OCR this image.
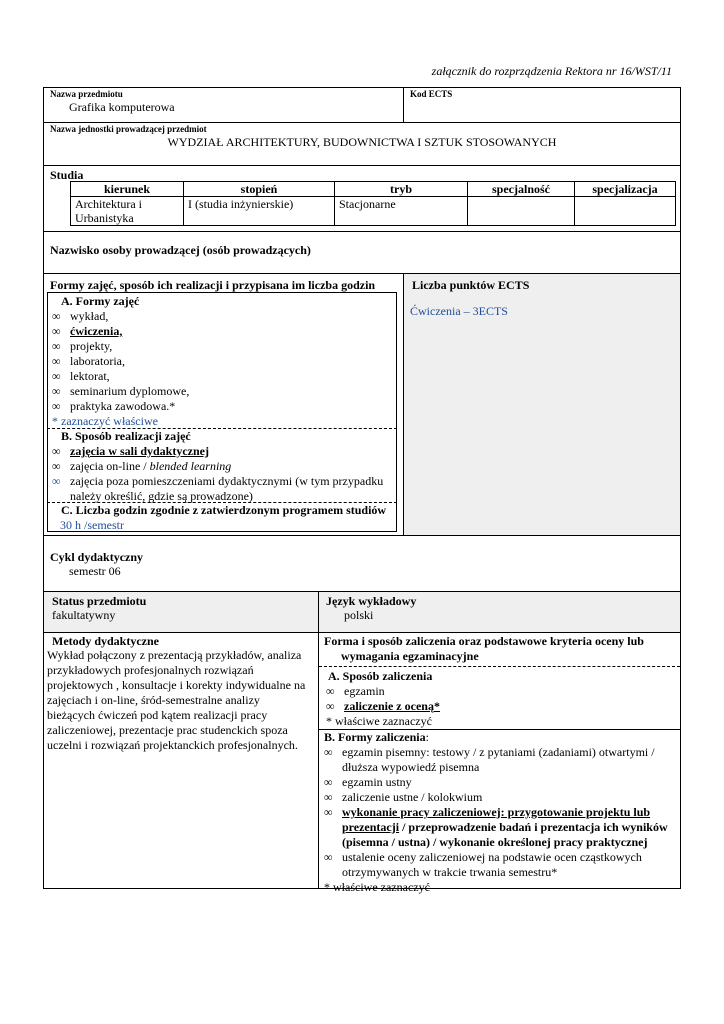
załącznik do rozprządzenia Rektora nr 16/WST/11
Nazwa przedmiotu
Grafika komputerowa
Kod ECTS
Nazwa jednostki prowadzącej przedmiot
WYDZIAŁ ARCHITEKTURY, BUDOWNICTWA I SZTUK STOSOWANYCH
Studia
kierunek	stopień	tryb	specjalność	specjalizacja
Architektura i Urbanistyka	I (studia inżynierskie)	Stacjonarne		
Nazwisko osoby prowadzącej (osób prowadzących)
Formy zajęć, sposób ich realizacji i przypisana im liczba godzin	Liczba punktów ECTS
Ćwiczenia – 3ECTS
A. Formy zajęć
∞ wykład,
∞ ćwiczenia,
∞ projekty,
∞ laboratoria,
∞ lektorat,
∞ seminarium dyplomowe,
∞ praktyka zawodowa.*
* zaznaczyć właściwe
B. Sposób realizacji zajęć
∞ zajęcia w sali dydaktycznej
∞ zajęcia on-line / blended learning
∞ zajęcia poza pomieszczeniami dydaktycznymi (w tym przypadku
należy określić, gdzie są prowadzone)
C. Liczba godzin zgodnie z zatwierdzonym programem studiów
30 h /semestr
Cykl dydaktyczny
semestr 06
Status przedmiotu
fakultatywny
Język wykładowy
polski
Metody dydaktyczne
Wykład połączony z prezentacją przykładów, analiza
przykładowych profesjonalnych rozwiązań
projektowych , konsultacje i korekty indywidualne na
zajęciach i on-line, śród-semestralne analizy
bieżących ćwiczeń pod kątem realizacji pracy
zaliczeniowej, prezentacje prac studenckich spoza
uczelni i rozwiązań projektanckich profesjonalnych.
Forma i sposób zaliczenia oraz podstawowe kryteria oceny lub
wymagania egzaminacyjne
A. Sposób zaliczenia
∞ egzamin
∞ zaliczenie z oceną*
* właściwe zaznaczyć
B. Formy zaliczenia:
∞ egzamin pisemny: testowy / z pytaniami (zadaniami) otwartymi /
dłuższa wypowiedź pisemna
∞ egzamin ustny
∞ zaliczenie ustne / kolokwium
∞ wykonanie pracy zaliczeniowej: przygotowanie projektu lub
prezentacji / przeprowadzenie badań i prezentacja ich wyników
(pisemna / ustna) / wykonanie określonej pracy praktycznej
∞ ustalenie oceny zaliczeniowej na podstawie ocen cząstkowych
otrzymywanych w trakcie trwania semestru*
* właściwe zaznaczyć
